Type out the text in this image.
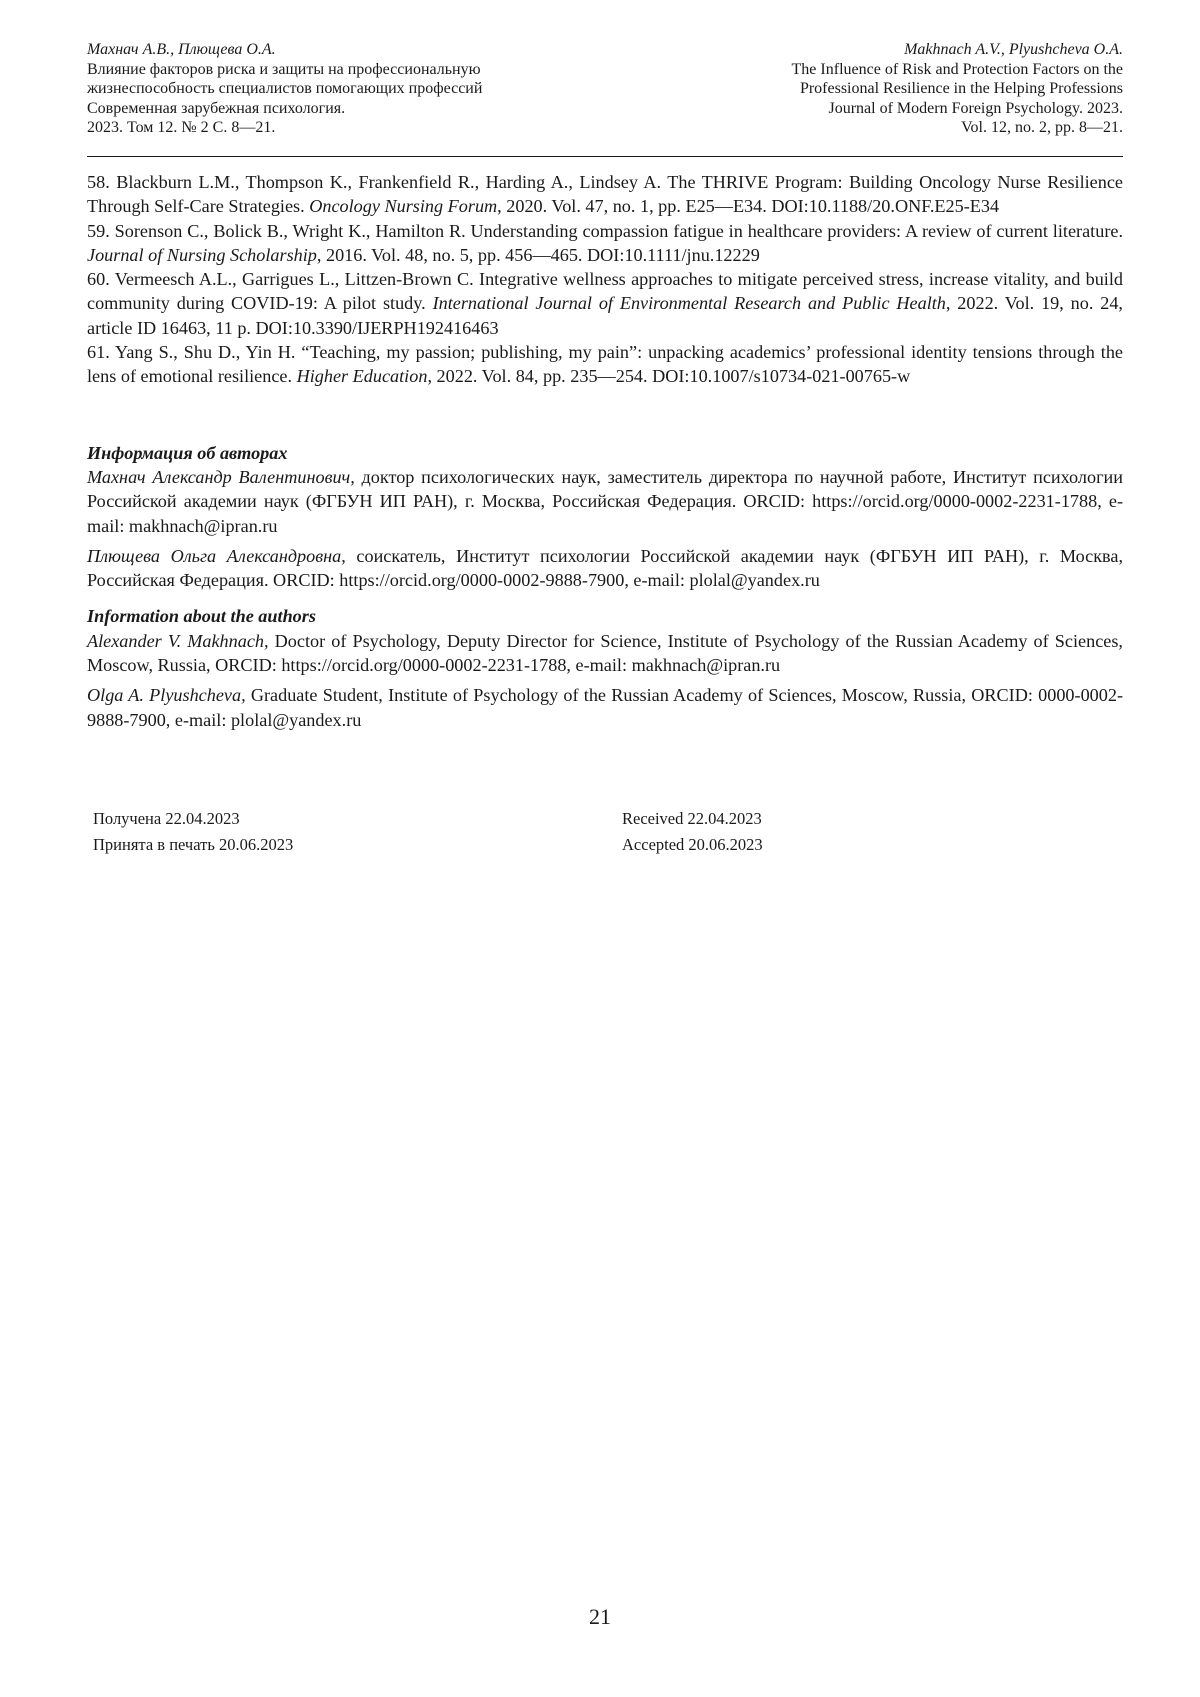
Махнач А.В., Плющева О.А.
Влияние факторов риска и защиты на профессиональную
жизнеспособность специалистов помогающих профессий
Современная зарубежная психология.
2023. Том 12. № 2 С. 8—21.
Makhnach A.V., Plyushcheva O.A.
The Influence of Risk and Protection Factors on the
Professional Resilience in the Helping Professions
Journal of Modern Foreign Psychology. 2023.
Vol. 12, no. 2, pp. 8—21.

58. Blackburn L.M., Thompson K., Frankenfield R., Harding A., Lindsey A. The THRIVE Program: Building Oncology Nurse Resilience Through Self-Care Strategies. Oncology Nursing Forum, 2020. Vol. 47, no. 1, pp. E25—E34. DOI:10.1188/20.ONF.E25-E34

59. Sorenson C., Bolick B., Wright K., Hamilton R. Understanding compassion fatigue in healthcare providers: A review of current literature. Journal of Nursing Scholarship, 2016. Vol. 48, no. 5, pp. 456—465. DOI:10.1111/jnu.12229

60. Vermeesch A.L., Garrigues L., Littzen-Brown C. Integrative wellness approaches to mitigate perceived stress, increase vitality, and build community during COVID-19: A pilot study. International Journal of Environmental Research and Public Health, 2022. Vol. 19, no. 24, article ID 16463, 11 p. DOI:10.3390/IJERPH192416463

61. Yang S., Shu D., Yin H. “Teaching, my passion; publishing, my pain”: unpacking academics’ professional identity tensions through the lens of emotional resilience. Higher Education, 2022. Vol. 84, pp. 235—254. DOI:10.1007/s10734-021-00765-w

Информация об авторах

Махнач Александр Валентинович, доктор психологических наук, заместитель директора по научной работе, Институт психологии Российской академии наук (ФГБУН ИП РАН), г. Москва, Российская Федерация. ORCID: https://orcid.org/0000-0002-2231-1788, e-mail: makhnach@ipran.ru

Плющева Ольга Александровна, соискатель, Институт психологии Российской академии наук (ФГБУН ИП РАН), г. Москва, Российская Федерация. ORCID: https://orcid.org/0000-0002-9888-7900, e-mail: plolal@yandex.ru

Information about the authors

Alexander V. Makhnach, Doctor of Psychology, Deputy Director for Science, Institute of Psychology of the Russian Academy of Sciences, Moscow, Russia, ORCID: https://orcid.org/0000-0002-2231-1788, e-mail: makhnach@ipran.ru

Olga A. Plyushcheva, Graduate Student, Institute of Psychology of the Russian Academy of Sciences, Moscow, Russia, ORCID: 0000-0002-9888-7900, e-mail: plolal@yandex.ru

Получена 22.04.2023
Принята в печать 20.06.2023
Received 22.04.2023
Accepted 20.06.2023
21
